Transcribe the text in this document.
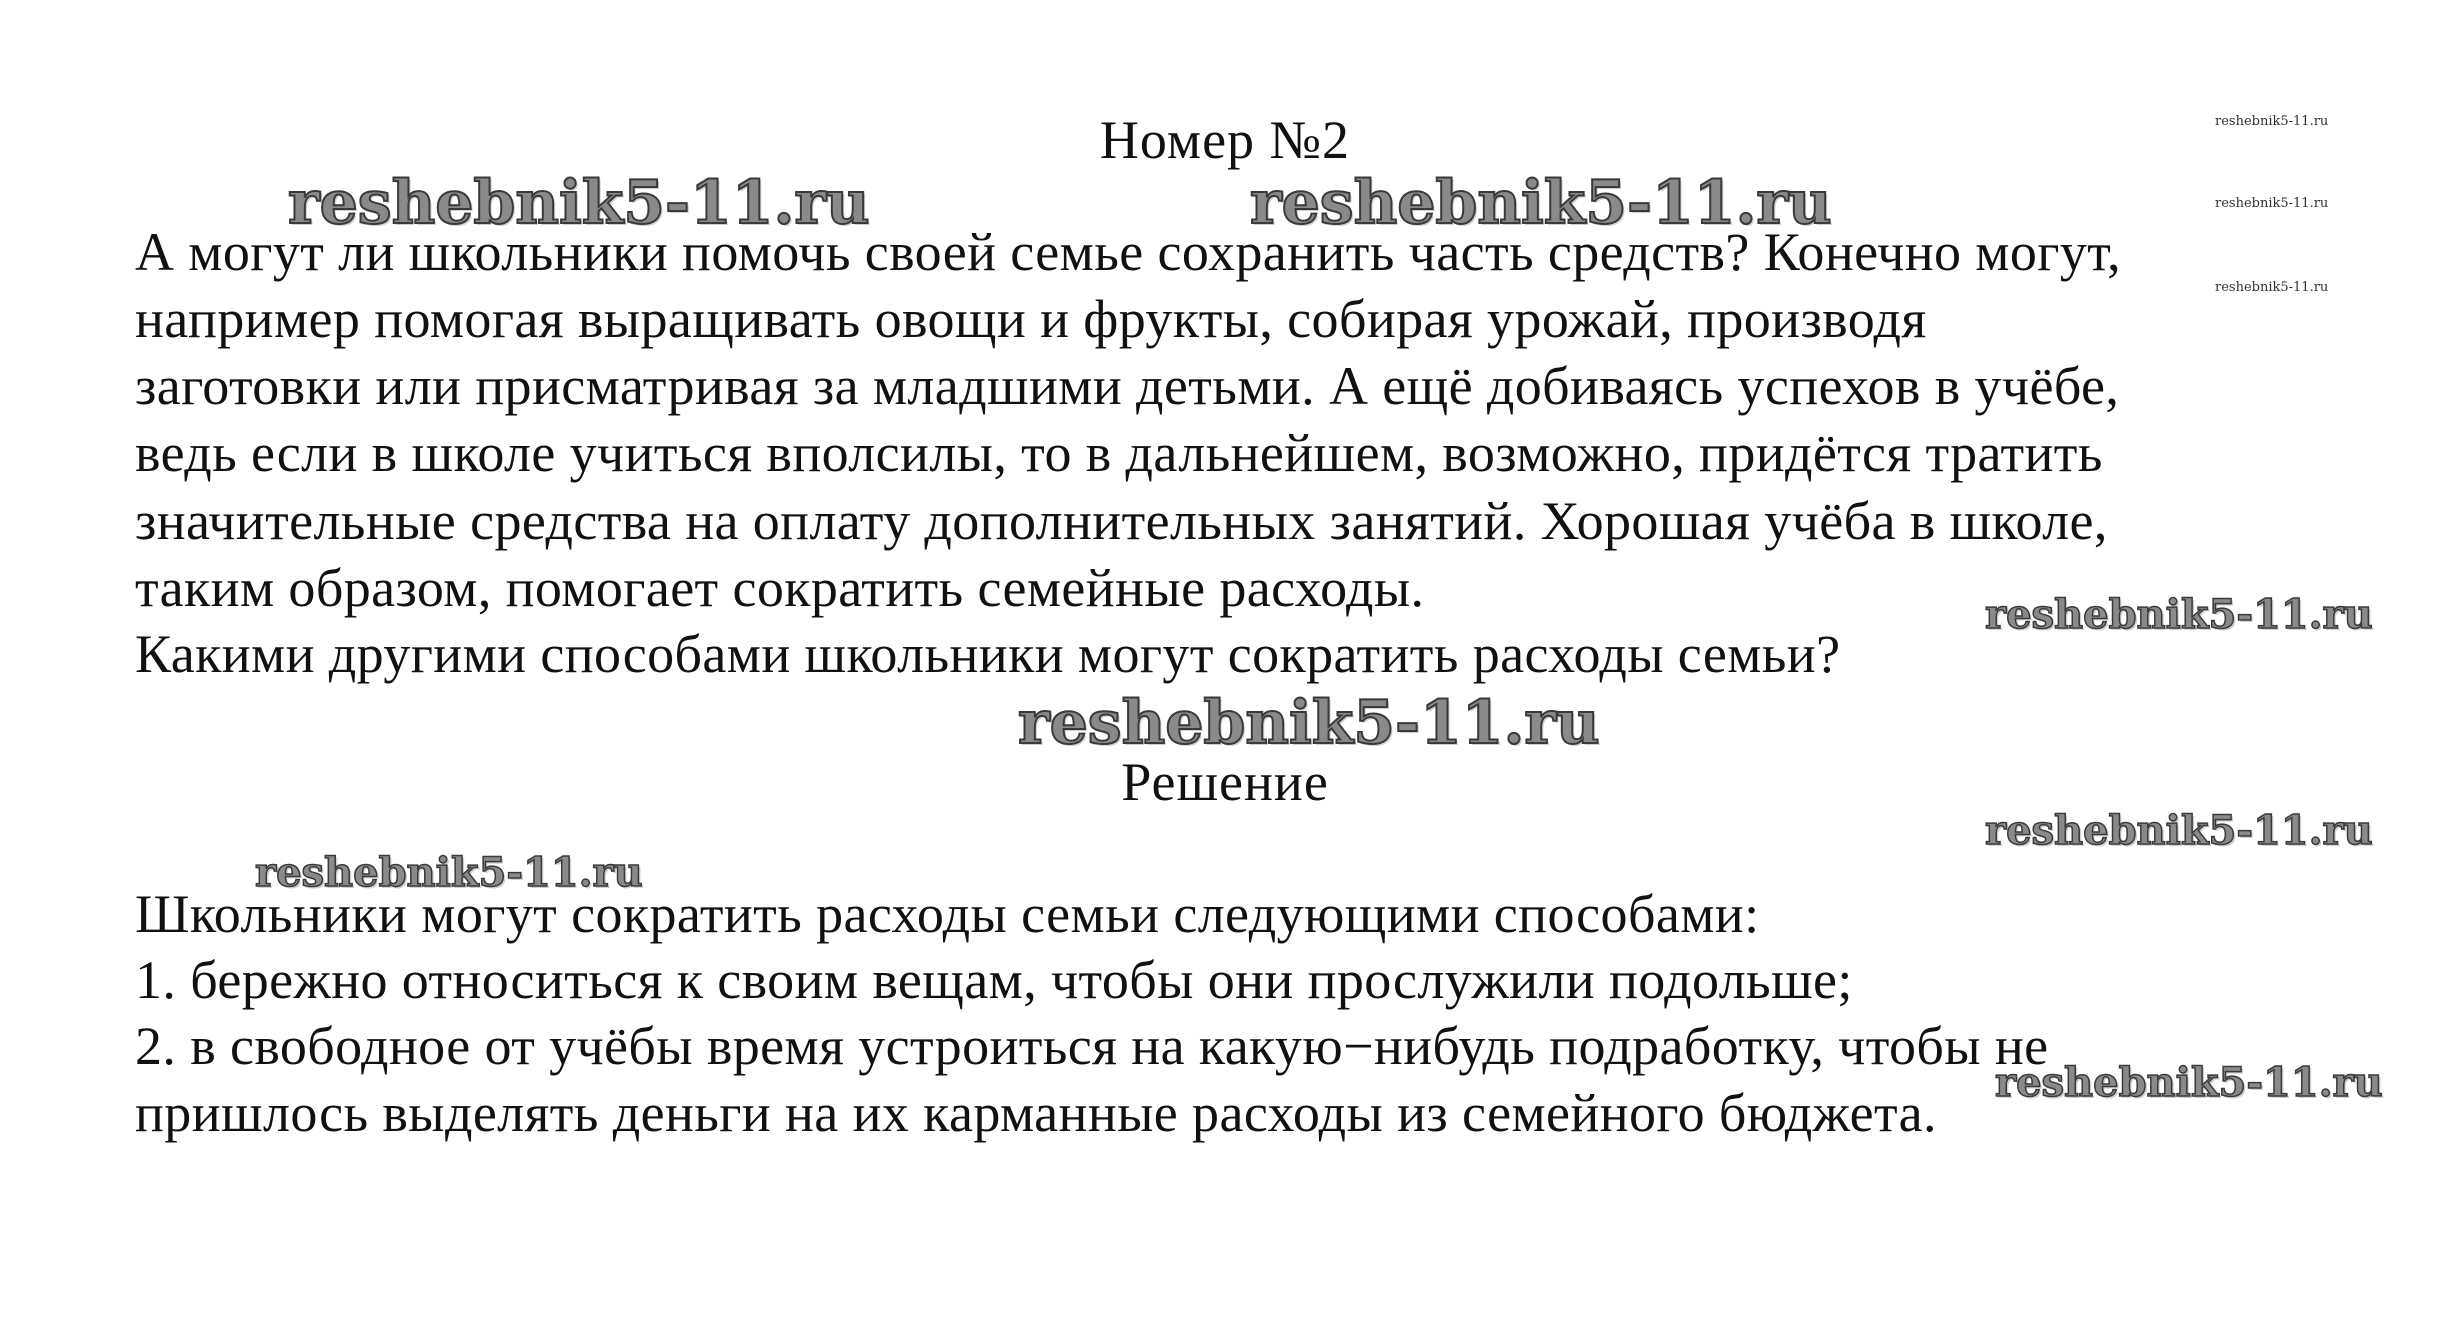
reshebnik5-11.ru
reshebnik5-11.ru
reshebnik5-11.ru
Номер №2
reshebnik5-11.ru	reshebnik5-11.ru
А могут ли школьники помочь своей семье сохранить часть средств? Конечно могут,
например помогая выращивать овощи и фрукты, собирая урожай, производя
заготовки или присматривая за младшими детьми. А ещё добиваясь успехов в учёбе,
ведь если в школе учиться вполсилы, то в дальнейшем, возможно, придётся тратить
значительные средства на оплату дополнительных занятий. Хорошая учёба в школе,
таким образом, помогает сократить семейные расходы.	reshebnik5-11.ru
Какими другими способами школьники могут сократить расходы семьи?
reshebnik5-11.ru
Решение
reshebnik5-11.ru
reshebnik5-11.ru
Школьники могут сократить расходы семьи следующими способами:
1. бережно относиться к своим вещам, чтобы они прослужили подольше;
2. в свободное от учёбы время устроиться на какую−нибудь подработку, чтобы не
reshebnik5-11.ru
пришлось выделять деньги на их карманные расходы из семейного бюджета.
